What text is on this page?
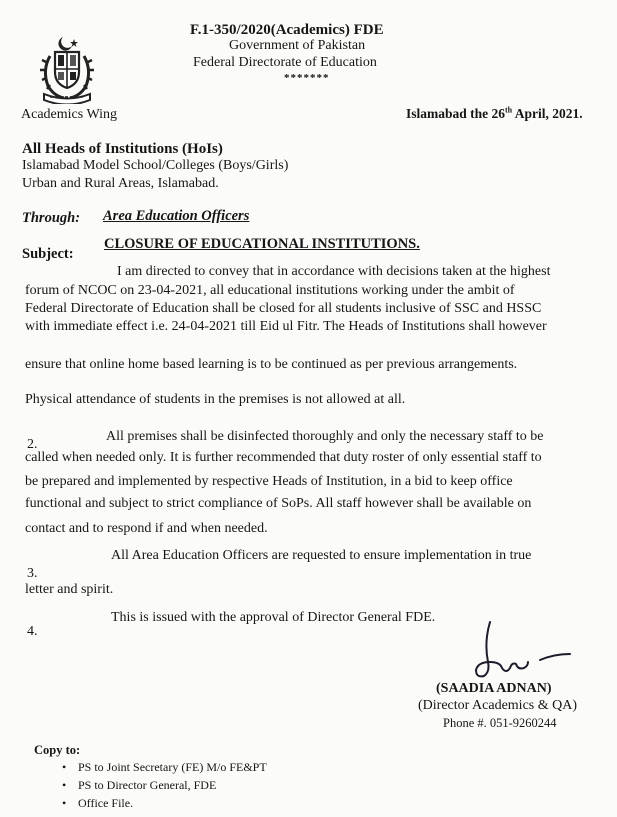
Academics Wing
F.1-350/2020(Academics) FDE
Government of Pakistan
Federal Directorate of Education
*******
Islamabad the 26th April, 2021.
All Heads of Institutions (HoIs)
Islamabad Model School/Colleges (Boys/Girls)
Urban and Rural Areas, Islamabad.
Through: Area Education Officers
Subject:
CLOSURE OF EDUCATIONAL INSTITUTIONS.
I am directed to convey that in accordance with decisions taken at the highest
forum of NCOC on 23-04-2021, all educational institutions working under the ambit of
Federal Directorate of Education shall be closed for all students inclusive of SSC and HSSC
with immediate effect i.e. 24-04-2021 till Eid ul Fitr. The Heads of Institutions shall however
ensure that online home based learning is to be continued as per previous arrangements.
Physical attendance of students in the premises is not allowed at all.
2.
All premises shall be disinfected thoroughly and only the necessary staff to be
called when needed only. It is further recommended that duty roster of only essential staff to
be prepared and implemented by respective Heads of Institution, in a bid to keep office
functional and subject to strict compliance of SoPs. All staff however shall be available on
contact and to respond if and when needed.
3.
All Area Education Officers are requested to ensure implementation in true
letter and spirit.
4.
This is issued with the approval of Director General FDE.
(SAADIA ADNAN)
(Director Academics & QA)
Phone #. 051-9260244
Copy to:
• PS to Joint Secretary (FE) M/o FE&PT
• PS to Director General, FDE
• Office File.
